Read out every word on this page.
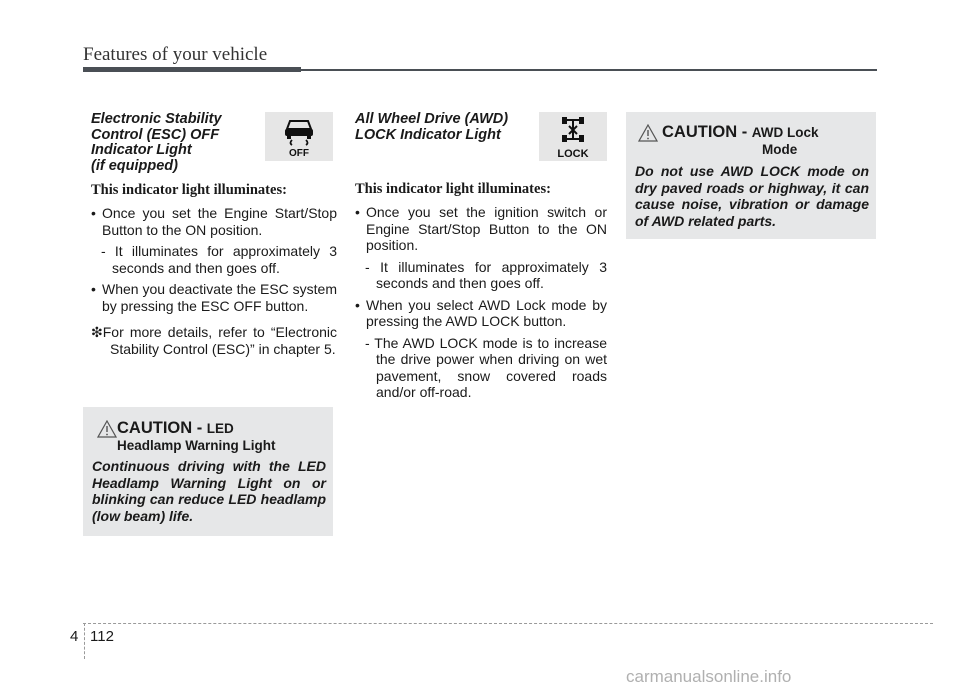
Features of your vehicle
Electronic Stability
Control (ESC) OFF
Indicator Light
(if equipped)

This indicator light illuminates:

• Once you set the Engine Start/Stop Button to the ON position.

- It illuminates for approximately 3 seconds and then goes off.

• When you deactivate the ESC system by pressing the ESC OFF button.

❇For more details, refer to “Electronic Stability Control (ESC)” in chapter 5.

OFF
All Wheel Drive (AWD)
LOCK Indicator Light

This indicator light illuminates:

• Once you set the ignition switch or Engine Start/Stop Button to the ON position.

- It illuminates for approximately 3 seconds and then goes off.

• When you select AWD Lock mode by pressing the AWD LOCK button.

- The AWD LOCK mode is to increase the drive power when driving on wet pavement, snow covered roads and/or off-road.

LOCK
CAUTION - LED
Headlamp Warning Light
Continuous driving with the LED Headlamp Warning Light on or blinking can reduce LED headlamp (low beam) life.
CAUTION - AWD Lock
Mode
Do not use AWD LOCK mode on dry paved roads or highway, it can cause noise, vibration or damage of AWD related parts.
4 112
carmanualsonline.info
